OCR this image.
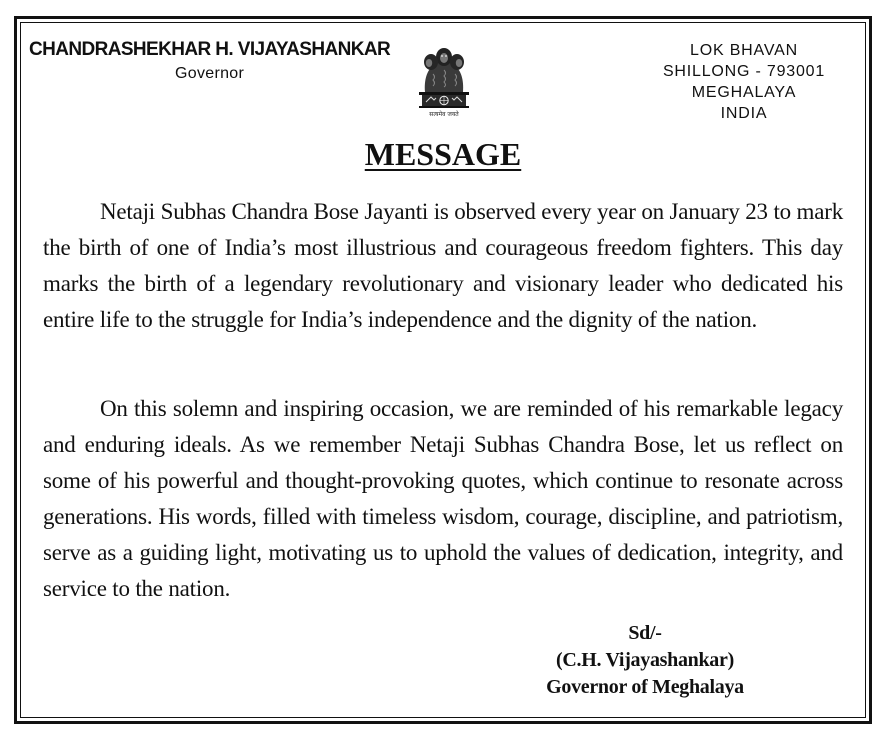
CHANDRASHEKHAR H. VIJAYASHANKAR
Governor
सत्यमेव जयते
LOK BHAVAN
SHILLONG - 793001
MEGHALAYA
INDIA
MESSAGE

Netaji Subhas Chandra Bose Jayanti is observed every year on January 23 to mark the birth of one of India’s most illustrious and courageous freedom fighters. This day marks the birth of a legendary revolutionary and visionary leader who dedicated his entire life to the struggle for India’s independence and the dignity of the nation.

On this solemn and inspiring occasion, we are reminded of his remarkable legacy and enduring ideals. As we remember Netaji Subhas Chandra Bose, let us reflect on some of his powerful and thought-provoking quotes, which continue to resonate across generations. His words, filled with timeless wisdom, courage, discipline, and patriotism, serve as a guiding light, motivating us to uphold the values of dedication, integrity, and service to the nation.

Sd/-
(C.H. Vijayashankar)
Governor of Meghalaya
